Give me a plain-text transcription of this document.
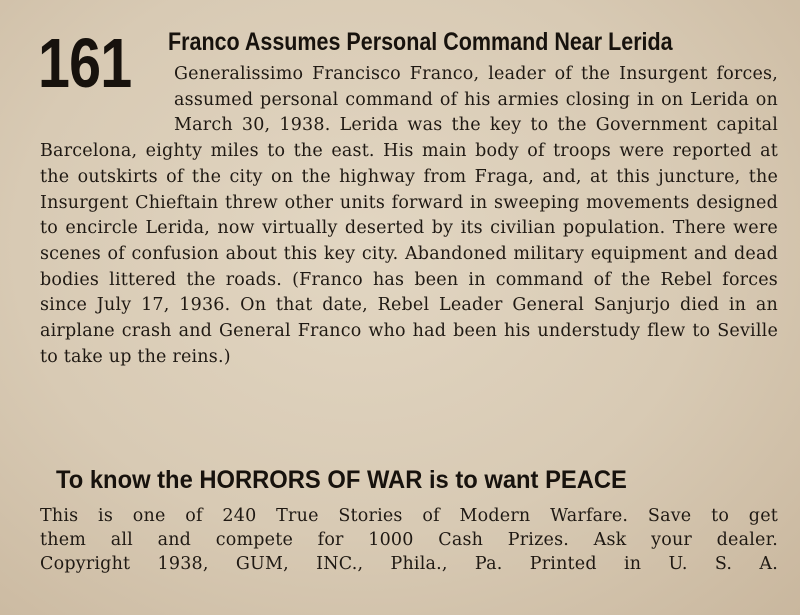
161 Franco Assumes Personal Command Near Lerida
Generalissimo Francisco Franco, leader of the Insurgent forces, assumed personal command of his armies closing in on Lerida on March 30, 1938. Lerida was the key to the Government capital Barcelona, eighty miles to the east. His main body of troops were reported at the outskirts of the city on the highway from Fraga, and, at this juncture, the Insurgent Chieftain threw other units forward in sweeping movements designed to encircle Lerida, now virtually deserted by its civilian population. There were scenes of confusion about this key city. Abandoned military equipment and dead bodies littered the roads. (Franco has been in command of the Rebel forces since July 17, 1936. On that date, Rebel Leader General Sanjurjo died in an airplane crash and General Franco who had been his understudy flew to Seville to take up the reins.)
To know the HORRORS OF WAR is to want PEACE
This is one of 240 True Stories of Modern Warfare. Save to get
them all and compete for 1000 Cash Prizes. Ask your dealer.
Copyright 1938, GUM, INC., Phila., Pa. Printed in U. S. A.
